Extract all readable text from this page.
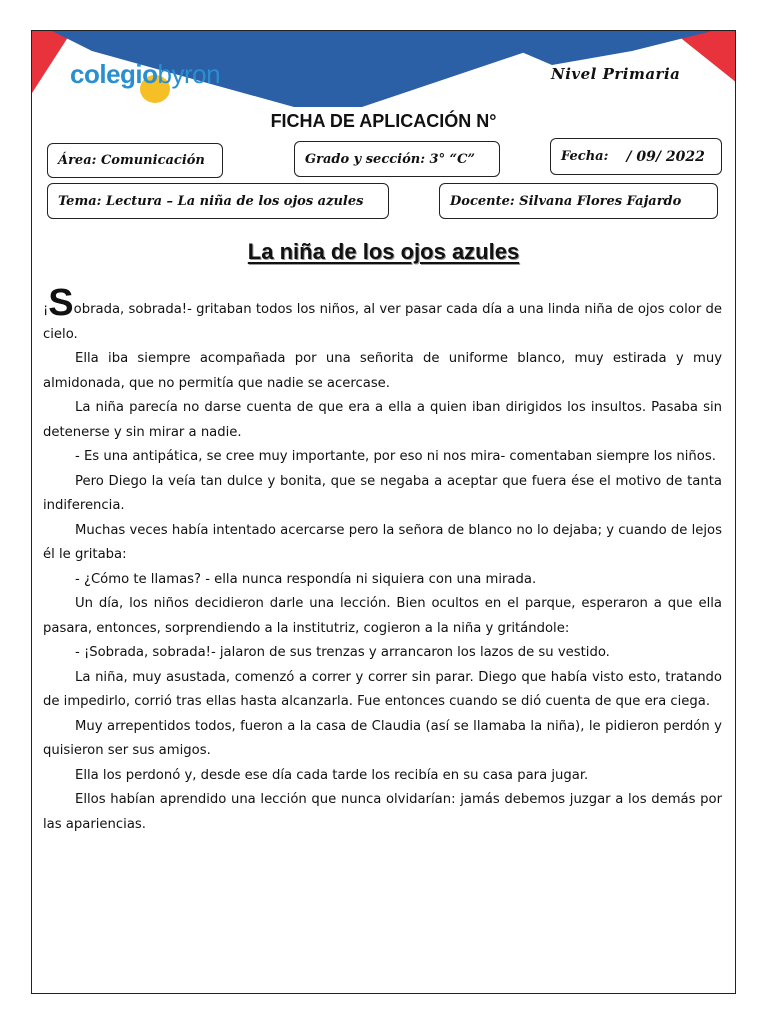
colegiobyron	Nivel Primaria
FICHA DE APLICACIÓN N°
Área: Comunicación	Grado y sección: 3° “C”	Fecha: / 09/ 2022
Tema: Lectura – La niña de los ojos azules	Docente: Silvana Flores Fajardo
La niña de los ojos azules

¡Sobrada, sobrada!- gritaban todos los niños, al ver pasar cada día a una linda niña de ojos color de cielo.

Ella iba siempre acompañada por una señorita de uniforme blanco, muy estirada y muy almidonada, que no permitía que nadie se acercase.

La niña parecía no darse cuenta de que era a ella a quien iban dirigidos los insultos. Pasaba sin detenerse y sin mirar a nadie.

- Es una antipática, se cree muy importante, por eso ni nos mira- comentaban siempre los niños.

Pero Diego la veía tan dulce y bonita, que se negaba a aceptar que fuera ése el motivo de tanta indiferencia.

Muchas veces había intentado acercarse pero la señora de blanco no lo dejaba; y cuando de lejos él le gritaba:

- ¿Cómo te llamas? - ella nunca respondía ni siquiera con una mirada.

Un día, los niños decidieron darle una lección. Bien ocultos en el parque, esperaron a que ella pasara, entonces, sorprendiendo a la institutriz, cogieron a la niña y gritándole:

- ¡Sobrada, sobrada!- jalaron de sus trenzas y arrancaron los lazos de su vestido.

La niña, muy asustada, comenzó a correr y correr sin parar. Diego que había visto esto, tratando de impedirlo, corrió tras ellas hasta alcanzarla. Fue entonces cuando se dió cuenta de que era ciega.

Muy arrepentidos todos, fueron a la casa de Claudia (así se llamaba la niña), le pidieron perdón y quisieron ser sus amigos.

Ella los perdonó y, desde ese día cada tarde los recibía en su casa para jugar.

Ellos habían aprendido una lección que nunca olvidarían: jamás debemos juzgar a los demás por las apariencias.
